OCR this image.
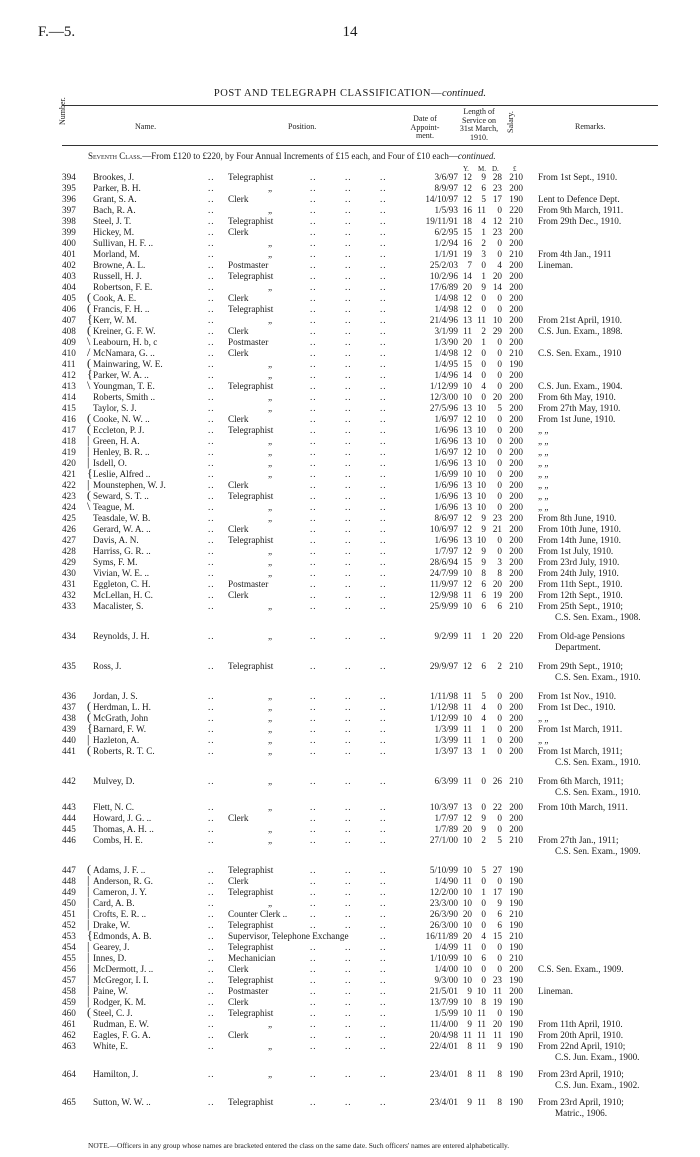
F.—5.	14
POST AND TELEGRAPH CLASSIFICATION—continued.
Number.
Name.	Position.
Date of
Appoint-
ment.
Length of
Service on
31st March,
1910.
Salary.	Remarks.
Seventh Class.—From £120 to £220, by Four Annual Increments of £15 each, and Four of £10 each—continued.
Y. M. D. £
394 Brookes, J.	.. Telegraphist	..	..	..	3/6/97 12	9 28 210 From 1st Sept., 1910.
395 Parker, B. H.	..	„	..	..	..	8/9/97 12	6 23 200
396 Grant, S. A.	.. Clerk	..	..	..	14/10/97 12	5 17 190 Lent to Defence Dept.
397 Bach, R. A.	..	„	..	..	..	1/5/93 16 11	0 220 From 9th March, 1911.
398 Steel, J. T.	.. Telegraphist	..	..	..	19/11/91 18	4 12 210 From 29th Dec., 1910.
399 Hickey, M.	.. Clerk	..	..	..	6/2/95 15	1 23 200
400 Sullivan, H. F. ..	..	„	..	..	..	1/2/94 16	2	0 200
401 Morland, M.	..	„	..	..	..	1/1/91 19	3	0 210 From 4th Jan., 1911
402 Browne, A. L.	.. Postmaster	..	..	..	25/2/03	7	0	4 200 Lineman.
403 Russell, H. J.	.. Telegraphist	..	..	..	10/2/96 14	1 20 200
404 Robertson, F. E.	..	„	..	..	..	17/6/89 20	9 14 200
405 ( Cook, A. E.	.. Clerk	..	..	..	1/4/98 12	0	0 200
406 ( Francis, F. H. ..	.. Telegraphist	..	..	..	1/4/98 12	0	0 200
407 { Kerr, W. M.	..	„	..	..	..	21/4/96 13 11 10 200 From 21st April, 1910.
408 ( Kreiner, G. F. W.	.. Clerk	..	..	..	3/1/99 11	2 29 200 C.S. Jun. Exam., 1898.
409 \ Leabourn, H. b, c	.. Postmaster	..	..	..	1/3/90 20	1	0 200
410 / McNamara, G. ..	.. Clerk	..	..	..	1/4/98 12	0	0 210 C.S. Sen. Exam., 1910
411 ( Mainwaring, W. E.	..	„	..	..	..	1/4/95 15	0	0 190
412 { Parker, W. A. ..	..	„	..	..	..	1/4/96 14	0	0 200
413 \ Youngman, T. E.	.. Telegraphist	..	..	..	1/12/99 10	4	0 200 C.S. Jun. Exam., 1904.
414 Roberts, Smith ..	..	„	..	..	..	12/3/00 10	0 20 200 From 6th May, 1910.
415 Taylor, S. J.	..	„	..	..	..	27/5/96 13 10	5 200 From 27th May, 1910.
416 ( Cooke, N. W. ..	.. Clerk	..	..	..	1/6/97 12 10	0 200 From 1st June, 1910.
417 ( Eccleton, P. J.	.. Telegraphist	..	..	..	1/6/96 13 10	0 200 „ „
418 | Green, H. A.	..	„	..	..	..	1/6/96 13 10	0 200 „ „
419 | Henley, B. R. ..	..	„	..	..	..	1/6/97 12 10	0 200 „ „
420 | Isdell, O.	..	„	..	..	..	1/6/96 13 10	0 200 „ „
421 { Leslie, Alfred ..	..	„	..	..	..	1/6/99 10 10	0 200 „ „
422 | Mounstephen, W. J.	.. Clerk	..	..	..	1/6/96 13 10	0 200 „ „
423 ( Seward, S. T. ..	.. Telegraphist	..	..	..	1/6/96 13 10	0 200 „ „
424 \ Teague, M.	..	„	..	..	..	1/6/96 13 10	0 200 „ „
425 Teasdale, W. B.	..	„	..	..	..	8/6/97 12	9 23 200 From 8th June, 1910.
426 Gerard, W. A. ..	.. Clerk	..	..	..	10/6/97 12	9 21 200 From 10th June, 1910.
427 Davis, A. N.	.. Telegraphist	..	..	..	1/6/96 13 10	0 200 From 14th June, 1910.
428 Harriss, G. R. ..	..	„	..	..	..	1/7/97 12	9	0 200 From 1st July, 1910.
429 Syms, F. M.	..	„	..	..	..	28/6/94 15	9	3 200 From 23rd July, 1910.
430 Vivian, W. E. ..	..	„	..	..	..	24/7/99 10	8	8 200 From 24th July, 1910.
431 Eggleton, C. H.	.. Postmaster	..	..	..	11/9/97 12	6 20 200 From 11th Sept., 1910.
432 McLellan, H. C.	.. Clerk	..	..	..	12/9/98 11	6 19 200 From 12th Sept., 1910.
433 Macalister, S.	..	„	..	..	..	25/9/99 10	6	6 210 From 25th Sept., 1910;
C.S. Sen. Exam., 1908.
434 Reynolds, J. H.	..	„	..	..	..	9/2/99 11	1 20 220 From Old-age Pensions
Department.
435 Ross, J.	.. Telegraphist	..	..	..	29/9/97 12	6	2 210 From 29th Sept., 1910;
C.S. Sen. Exam., 1910.
436 Jordan, J. S.	..	„	..	..	..	1/11/98 11	5	0 200 From 1st Nov., 1910.
437 ( Herdman, L. H.	..	„	..	..	..	1/12/98 11	4	0 200 From 1st Dec., 1910.
438 ( McGrath, John	..	„	..	..	..	1/12/99 10	4	0 200 „ „
439 { Barnard, F. W.	..	„	..	..	..	1/3/99 11	1	0 200 From 1st March, 1911.
440 | Hazleton, A.	..	„	..	..	..	1/3/99 11	1	0 200 „ „
441 ( Roberts, R. T. C.	..	„	..	..	..	1/3/97 13	1	0 200 From 1st March, 1911;
C.S. Sen. Exam., 1910.
442 Mulvey, D.	..	„	..	..	..	6/3/99 11	0 26 210 From 6th March, 1911;
C.S. Sen. Exam., 1910.
443 Flett, N. C.	..	„	..	..	..	10/3/97 13	0 22 200 From 10th March, 1911.
444 Howard, J. G. ..	.. Clerk	..	..	..	1/7/97 12	9	0 200
445 Thomas, A. H. ..	..	„	..	..	..	1/7/89 20	9	0 200
446 Combs, H. E.	..	„	..	..	..	27/1/00 10	2	5 210 From 27th Jan., 1911;
C.S. Sen. Exam., 1909.
447 ( Adams, J. F. ..	.. Telegraphist	..	..	..	5/10/99 10	5 27 190
448 | Anderson, R. G.	.. Clerk	..	..	..	1/4/90 11	0	0 190
449 | Cameron, J. Y.	.. Telegraphist	..	..	..	12/2/00 10	1 17 190
450 | Card, A. B.	..	„	..	..	..	23/3/00 10	0	9 190
451 | Crofts, E. R. ..	.. Counter Clerk .. ..	..	..	26/3/90 20	0	6 210
452 | Drake, W.	.. Telegraphist	..	..	..	26/3/00 10	0	6 190
453 { Edmonds, A. B.	.. Supervisor, Telephone Exchange	..	16/11/89 20	4 15 210
454 | Gearey, J.	.. Telegraphist	..	..	..	1/4/99 11	0	0 190
455 | Innes, D.	.. Mechanician	..	..	..	1/10/99 10	6	0 210
456 | McDermott, J. ..	.. Clerk	..	..	..	1/4/00 10	0	0 200 C.S. Sen. Exam., 1909.
457 | McGregor, I. I.	.. Telegraphist	..	..	..	9/3/00 10	0 23 190
458 | Paine, W.	.. Postmaster	..	..	..	21/5/01	9 10 11 200 Lineman.
459 | Rodger, K. M.	.. Clerk	..	..	..	13/7/99 10	8 19 190
460 ( Steel, C. J.	.. Telegraphist	..	..	..	1/5/99 10 11	0 190
461 Rudman, E. W.	..	„	..	..	..	11/4/00	9 11 20 190 From 11th April, 1910.
462 Eagles, F. G. A.	.. Clerk	..	..	..	20/4/98 11 11 11 190 From 20th April, 1910.
463 White, E.	..	„	..	..	..	22/4/01	8 11	9 190 From 22nd April, 1910;
C.S. Jun. Exam., 1900.
464 Hamilton, J.	..	„	..	..	..	23/4/01	8 11	8 190 From 23rd April, 1910;
C.S. Jun. Exam., 1902.
465 Sutton, W. W. ..	.. Telegraphist	..	..	..	23/4/01	9 11	8 190 From 23rd April, 1910;
Matric., 1906.
NOTE.—Officers in any group whose names are bracketed entered the class on the same date. Such officers' names are entered alphabetically.
